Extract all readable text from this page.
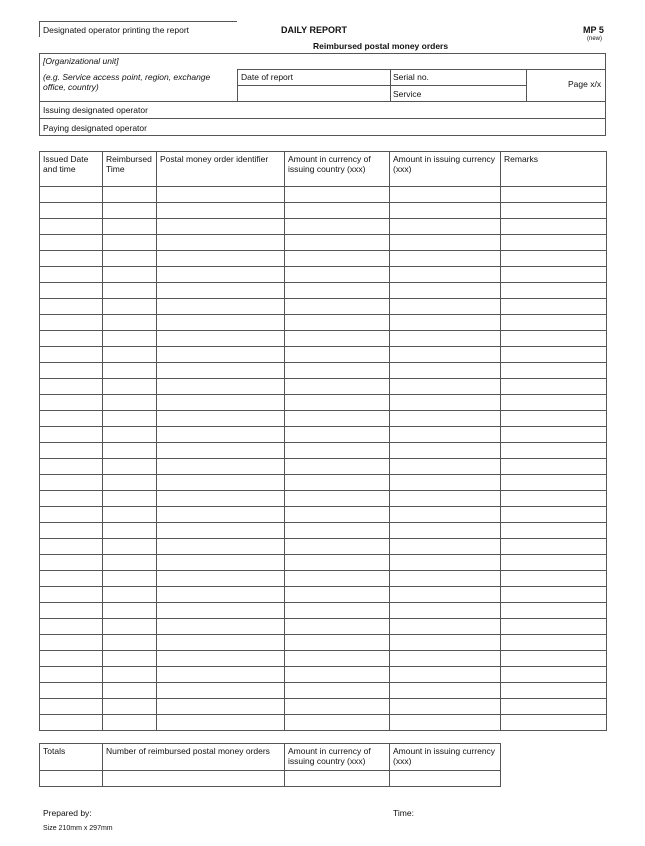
Designated operator printing the report	DAILY REPORT
Reimbursed postal money orders
MP 5
(new)
[Organizational unit]
(e.g. Service access point, region, exchange office, country)
Date of report	Serial no.
Service
Page x/x
Issuing designated operator
Paying designated operator
Issued Date and time	Reimbursed Time	Postal money order identifier	Amount in currency of issuing country (xxx)	Amount in issuing currency (xxx)	Remarks

Totals	Number of reimbursed postal money orders	Amount in currency of issuing country (xxx)	Amount in issuing currency (xxx)

Prepared by:	Time:
Size 210mm x 297mm
